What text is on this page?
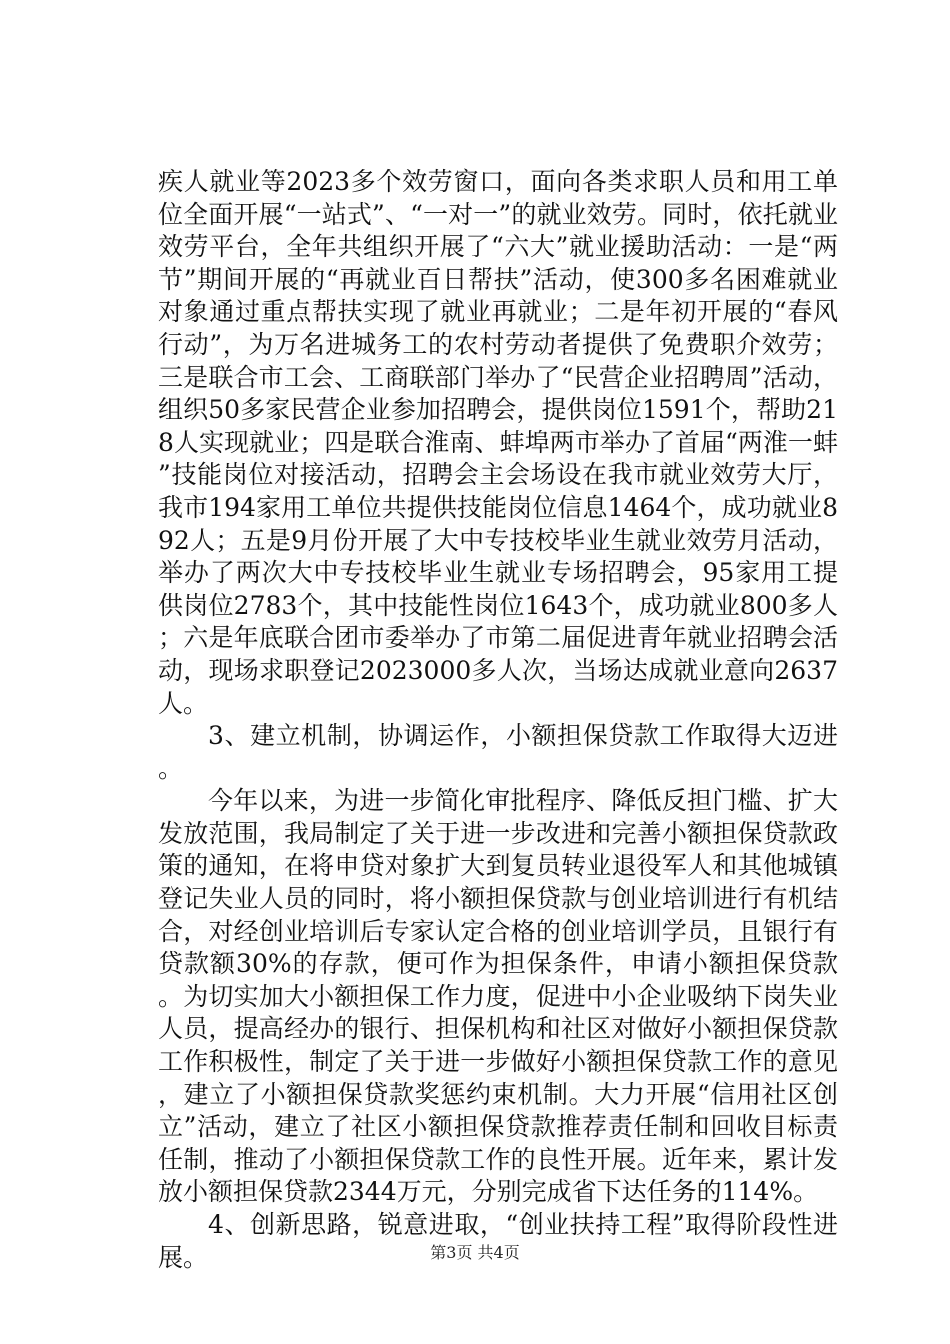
疾人就业等2023多个效劳窗口，面向各类求职人员和用工单位全面开展“一站式”、“一对一”的就业效劳。同时，依托就业效劳平台，全年共组织开展了“六大”就业援助活动：一是“两节”期间开展的“再就业百日帮扶”活动，使300多名困难就业对象通过重点帮扶实现了就业再就业；二是年初开展的“春风行动”，为万名进城务工的农村劳动者提供了免费职介效劳；三是联合市工会、工商联部门举办了“民营企业招聘周”活动，组织50多家民营企业参加招聘会，提供岗位1591个，帮助218人实现就业；四是联合淮南、蚌埠两市举办了首届“两淮一蚌”技能岗位对接活动，招聘会主会场设在我市就业效劳大厅，我市194家用工单位共提供技能岗位信息1464个，成功就业892人；五是9月份开展了大中专技校毕业生就业效劳月活动，举办了两次大中专技校毕业生就业专场招聘会，95家用工提供岗位2783个，其中技能性岗位1643个，成功就业800多人；六是年底联合团市委举办了市第二届促进青年就业招聘会活动，现场求职登记2023000多人次，当场达成就业意向2637人。

3、建立机制，协调运作，小额担保贷款工作取得大迈进。

今年以来，为进一步简化审批程序、降低反担门槛、扩大发放范围，我局制定了关于进一步改进和完善小额担保贷款政策的通知，在将申贷对象扩大到复员转业退役军人和其他城镇登记失业人员的同时，将小额担保贷款与创业培训进行有机结合，对经创业培训后专家认定合格的创业培训学员，且银行有贷款额30%的存款，便可作为担保条件，申请小额担保贷款。为切实加大小额担保工作力度，促进中小企业吸纳下岗失业人员，提高经办的银行、担保机构和社区对做好小额担保贷款工作积极性，制定了关于进一步做好小额担保贷款工作的意见，建立了小额担保贷款奖惩约束机制。大力开展“信用社区创立”活动，建立了社区小额担保贷款推荐责任制和回收目标责任制，推动了小额担保贷款工作的良性开展。近年来，累计发放小额担保贷款2344万元，分别完成省下达任务的114%。

4、创新思路，锐意进取，“创业扶持工程”取得阶段性进展。	第3页 共4页
